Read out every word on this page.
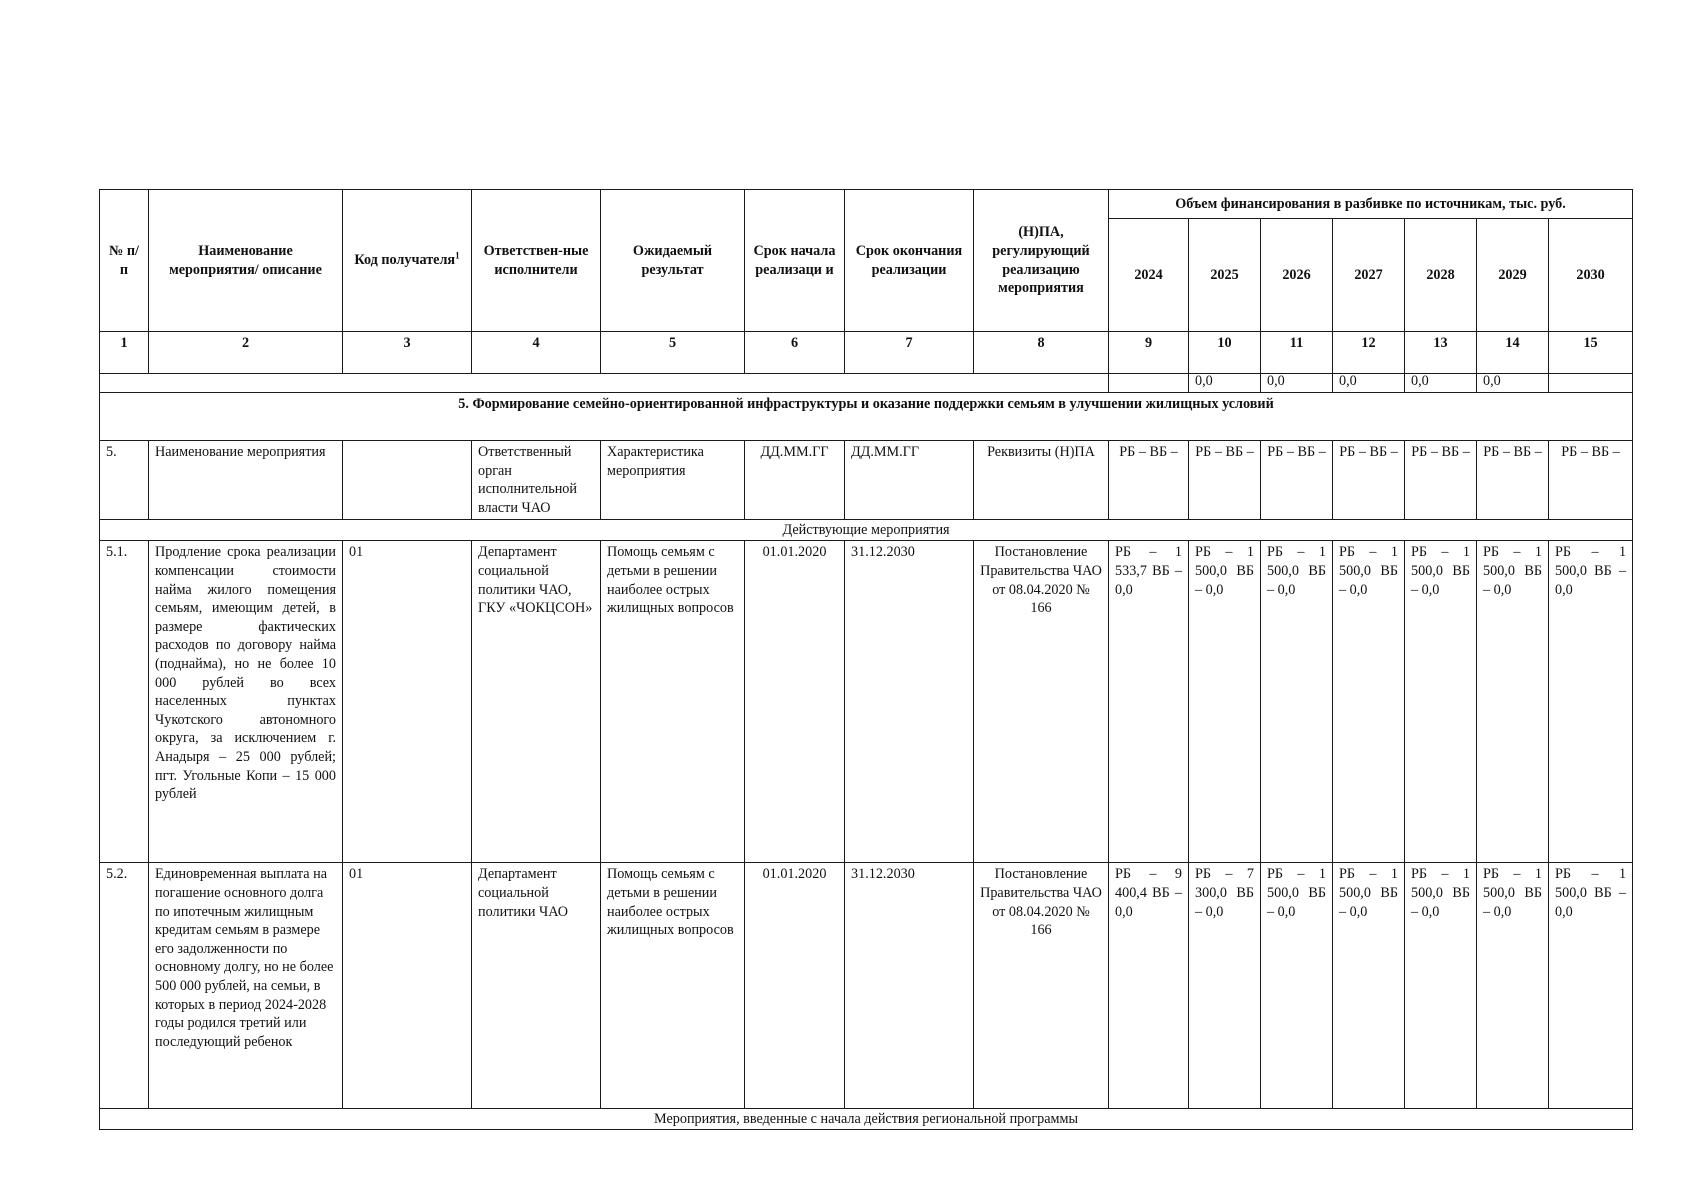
№ п/п	Наименование мероприятия/ описание	Код получателя$^1$	Ответствен-ные исполнители	Ожидаемый результат	Срок начала реализаци и	Срок окончания реализации	(Н)ПА, регулирующий реализацию мероприятия	Объем финансирования в разбивке по источникам, тыс. руб.						
								2024	2025	2026	2027	2028	2029	2030
1	2	3	4	5	6	7	8	9	10	11	12	13	14	15
									0,0	0,0	0,0	0,0	0,0	
5. Формирование семейно-ориентированной инфраструктуры и оказание поддержки семьям в улучшении жилищных условий														
5.	Наименование мероприятия		Ответственный орган исполнительной власти ЧАО	Характеристика мероприятия	ДД.ММ.ГГ	ДД.ММ.ГГ	Реквизиты (Н)ПА	РБ – ВБ –	РБ – ВБ –	РБ – ВБ –	РБ – ВБ –	РБ – ВБ –	РБ – ВБ –	РБ – ВБ –
Действующие мероприятия														
5.1.	Продление срока реализации компенсации стоимости найма жилого помещения семьям, имеющим детей, в размере фактических расходов по договору найма (поднайма), но не более 10 000 рублей во всех населенных пунктах Чукотского автономного округа, за исключением г. Анадыря – 25 000 рублей; пгт. Угольные Копи – 15 000 рублей	01	Департамент социальной политики ЧАО, ГКУ «ЧОКЦСОН»	Помощь семьям с детьми в решении наиболее острых жилищных вопросов	01.01.2020	31.12.2030	Постановление Правительства ЧАО от 08.04.2020 № 166	РБ – 1 533,7 ВБ – 0,0	РБ – 1 500,0 ВБ – 0,0	РБ – 1 500,0 ВБ – 0,0	РБ – 1 500,0 ВБ – 0,0	РБ – 1 500,0 ВБ – 0,0	РБ – 1 500,0 ВБ – 0,0	РБ – 1 500,0 ВБ – 0,0
5.2.	Единовременная выплата на погашение основного долга по ипотечным жилищным кредитам семьям в размере его задолженности по основному долгу, но не более 500 000 рублей, на семьи, в которых в период 2024-2028 годы родился третий или последующий ребенок	01	Департамент социальной политики ЧАО	Помощь семьям с детьми в решении наиболее острых жилищных вопросов	01.01.2020	31.12.2030	Постановление Правительства ЧАО от 08.04.2020 № 166	РБ – 9 400,4 ВБ – 0,0	РБ – 7 300,0 ВБ – 0,0	РБ – 1 500,0 ВБ – 0,0	РБ – 1 500,0 ВБ – 0,0	РБ – 1 500,0 ВБ – 0,0	РБ – 1 500,0 ВБ – 0,0	РБ – 1 500,0 ВБ – 0,0
Мероприятия, введенные с начала действия региональной программы														
